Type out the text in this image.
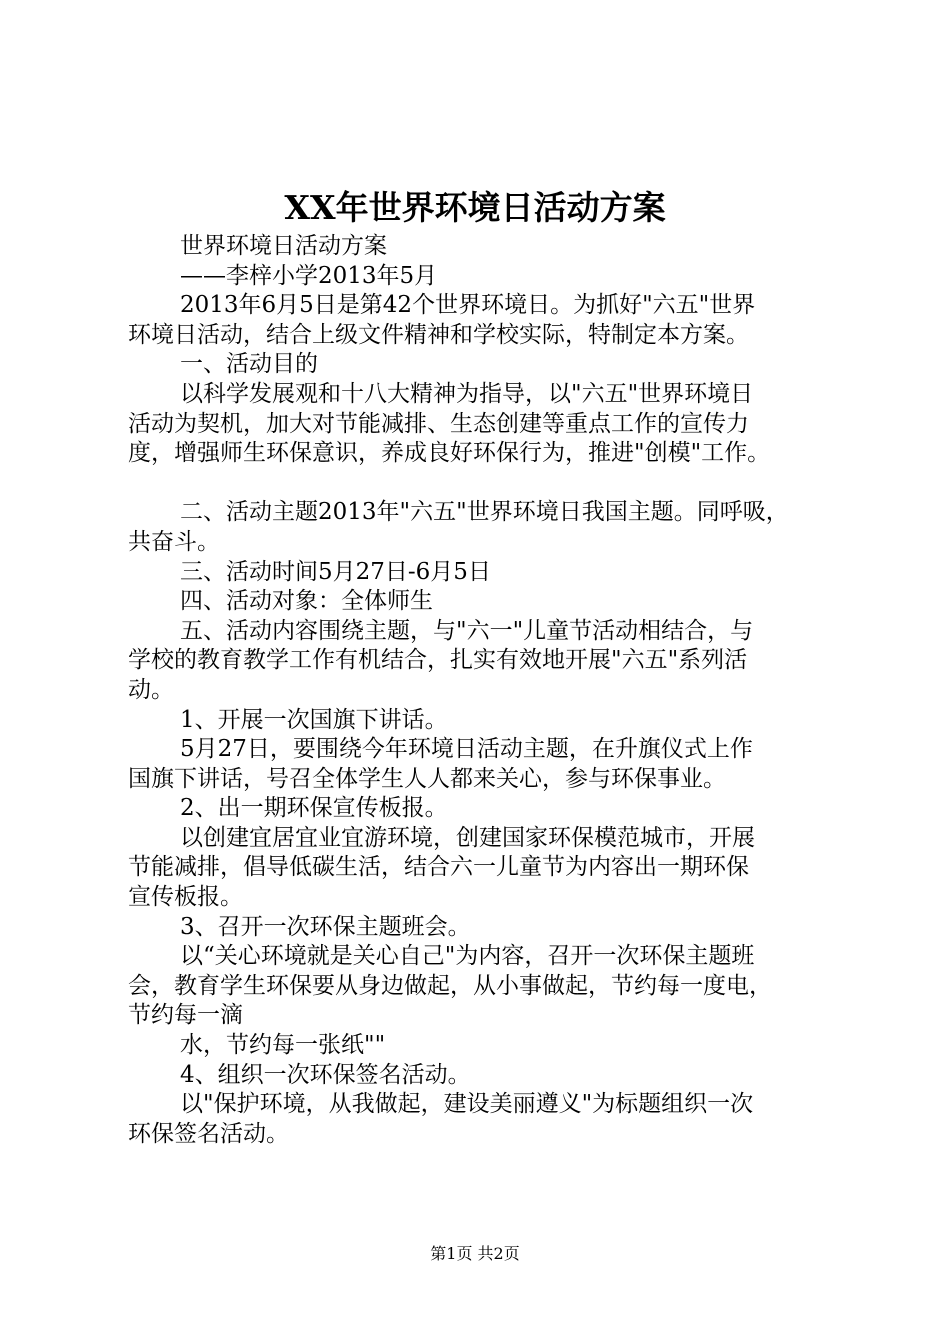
XX年世界环境日活动方案
世界环境日活动方案
——李梓小学2013年5月
2013年6月5日是第42个世界环境日。为抓好"六五"世界
环境日活动，结合上级文件精神和学校实际，特制定本方案。
一、活动目的
以科学发展观和十八大精神为指导，以"六五"世界环境日
活动为契机，加大对节能减排、生态创建等重点工作的宣传力
度，增强师生环保意识，养成良好环保行为，推进"创模"工作。
二、活动主题2013年"六五"世界环境日我国主题。同呼吸，
共奋斗。
三、活动时间5月27日-6月5日
四、活动对象：全体师生
五、活动内容围绕主题，与"六一"儿童节活动相结合，与
学校的教育教学工作有机结合，扎实有效地开展"六五"系列活
动。
1、开展一次国旗下讲话。
5月27日，要围绕今年环境日活动主题，在升旗仪式上作
国旗下讲话，号召全体学生人人都来关心，参与环保事业。
2、出一期环保宣传板报。
以创建宜居宜业宜游环境，创建国家环保模范城市，开展
节能减排，倡导低碳生活，结合六一儿童节为内容出一期环保
宣传板报。
3、召开一次环保主题班会。
以“关心环境就是关心自己"为内容，召开一次环保主题班
会，教育学生环保要从身边做起，从小事做起，节约每一度电，
节约每一滴
水，节约每一张纸""
4、组织一次环保签名活动。
以"保护环境，从我做起，建设美丽遵义"为标题组织一次
环保签名活动。
第1页 共2页
